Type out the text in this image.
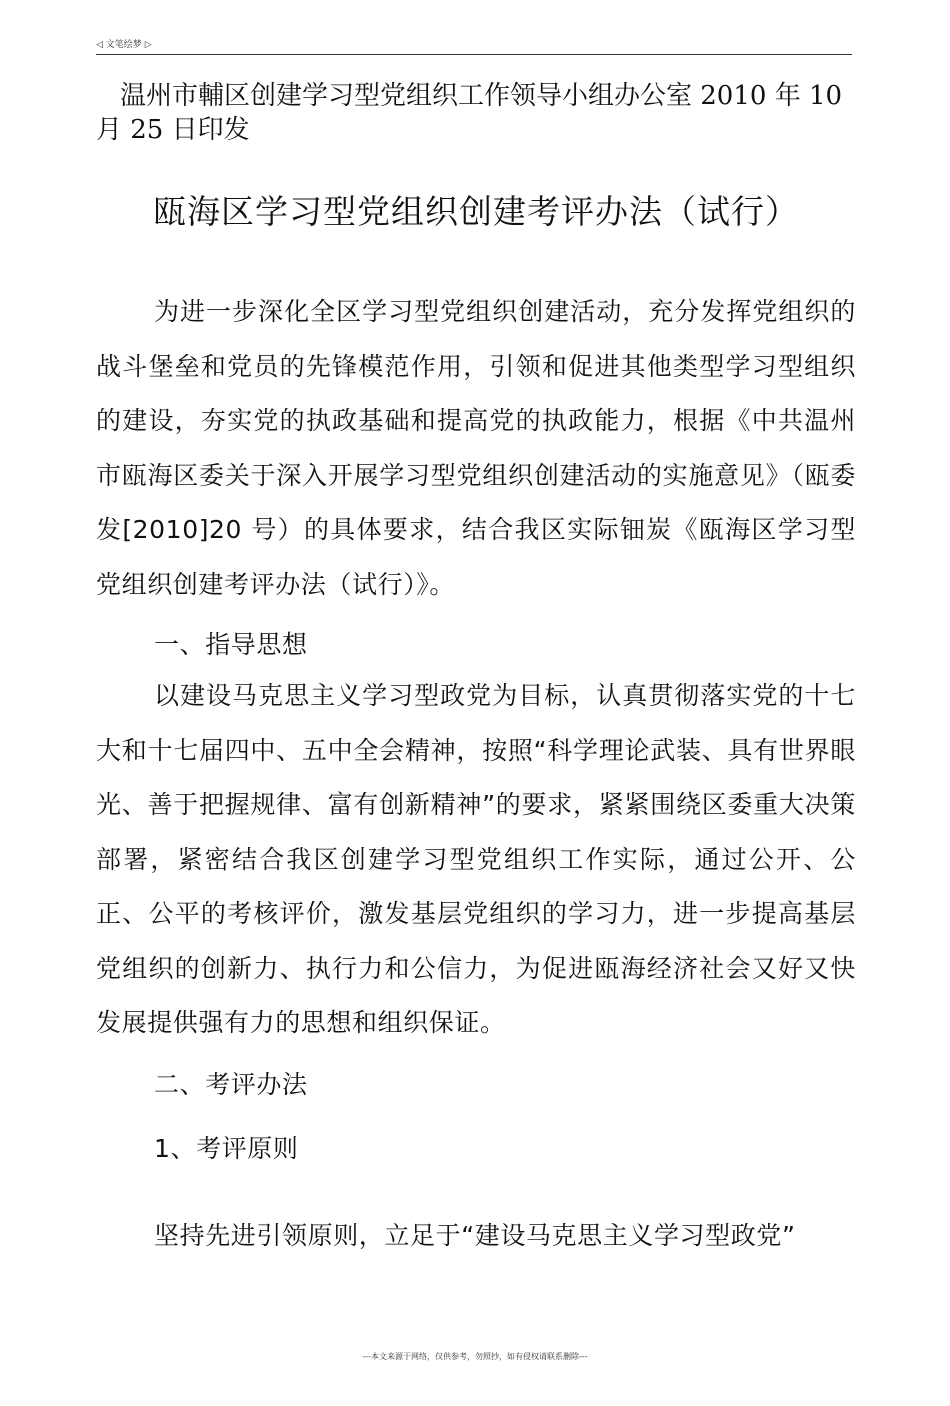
◁ 文笔绘梦 ▷
温州市輔区创建学习型党组织工作领导小组办公室 2010 年 10 月 25 日印发
瓯海区学习型党组织创建考评办法（试行）

为进一步深化全区学习型党组织创建活动，充分发挥党组织的战斗堡垒和党员的先锋模范作用，引领和促进其他类型学习型组织的建设，夯实党的执政基础和提高党的执政能力，根据《中共温州市瓯海区委关于深入开展学习型党组织创建活动的实施意见》（瓯委发[2010]20 号）的具体要求，结合我区实际钿炭《瓯海区学习型党组织创建考评办法（试行）》。

一、指导思想

以建设马克思主义学习型政党为目标，认真贯彻落实党的十七大和十七届四中、五中全会精神，按照“科学理论武装、具有世界眼光、善于把握规律、富有创新精神”的要求，紧紧围绕区委重大决策部署，紧密结合我区创建学习型党组织工作实际，通过公开、公正、公平的考核评价，激发基层党组织的学习力，进一步提高基层党组织的创新力、执行力和公信力，为促进瓯海经济社会又好又快发展提供强有力的思想和组织保证。

二、考评办法

1、考评原则

坚持先进引领原则，立足于“建设马克思主义学习型政党”

---本文来源于网络，仅供参考，勿照抄，如有侵权请联系删除---
